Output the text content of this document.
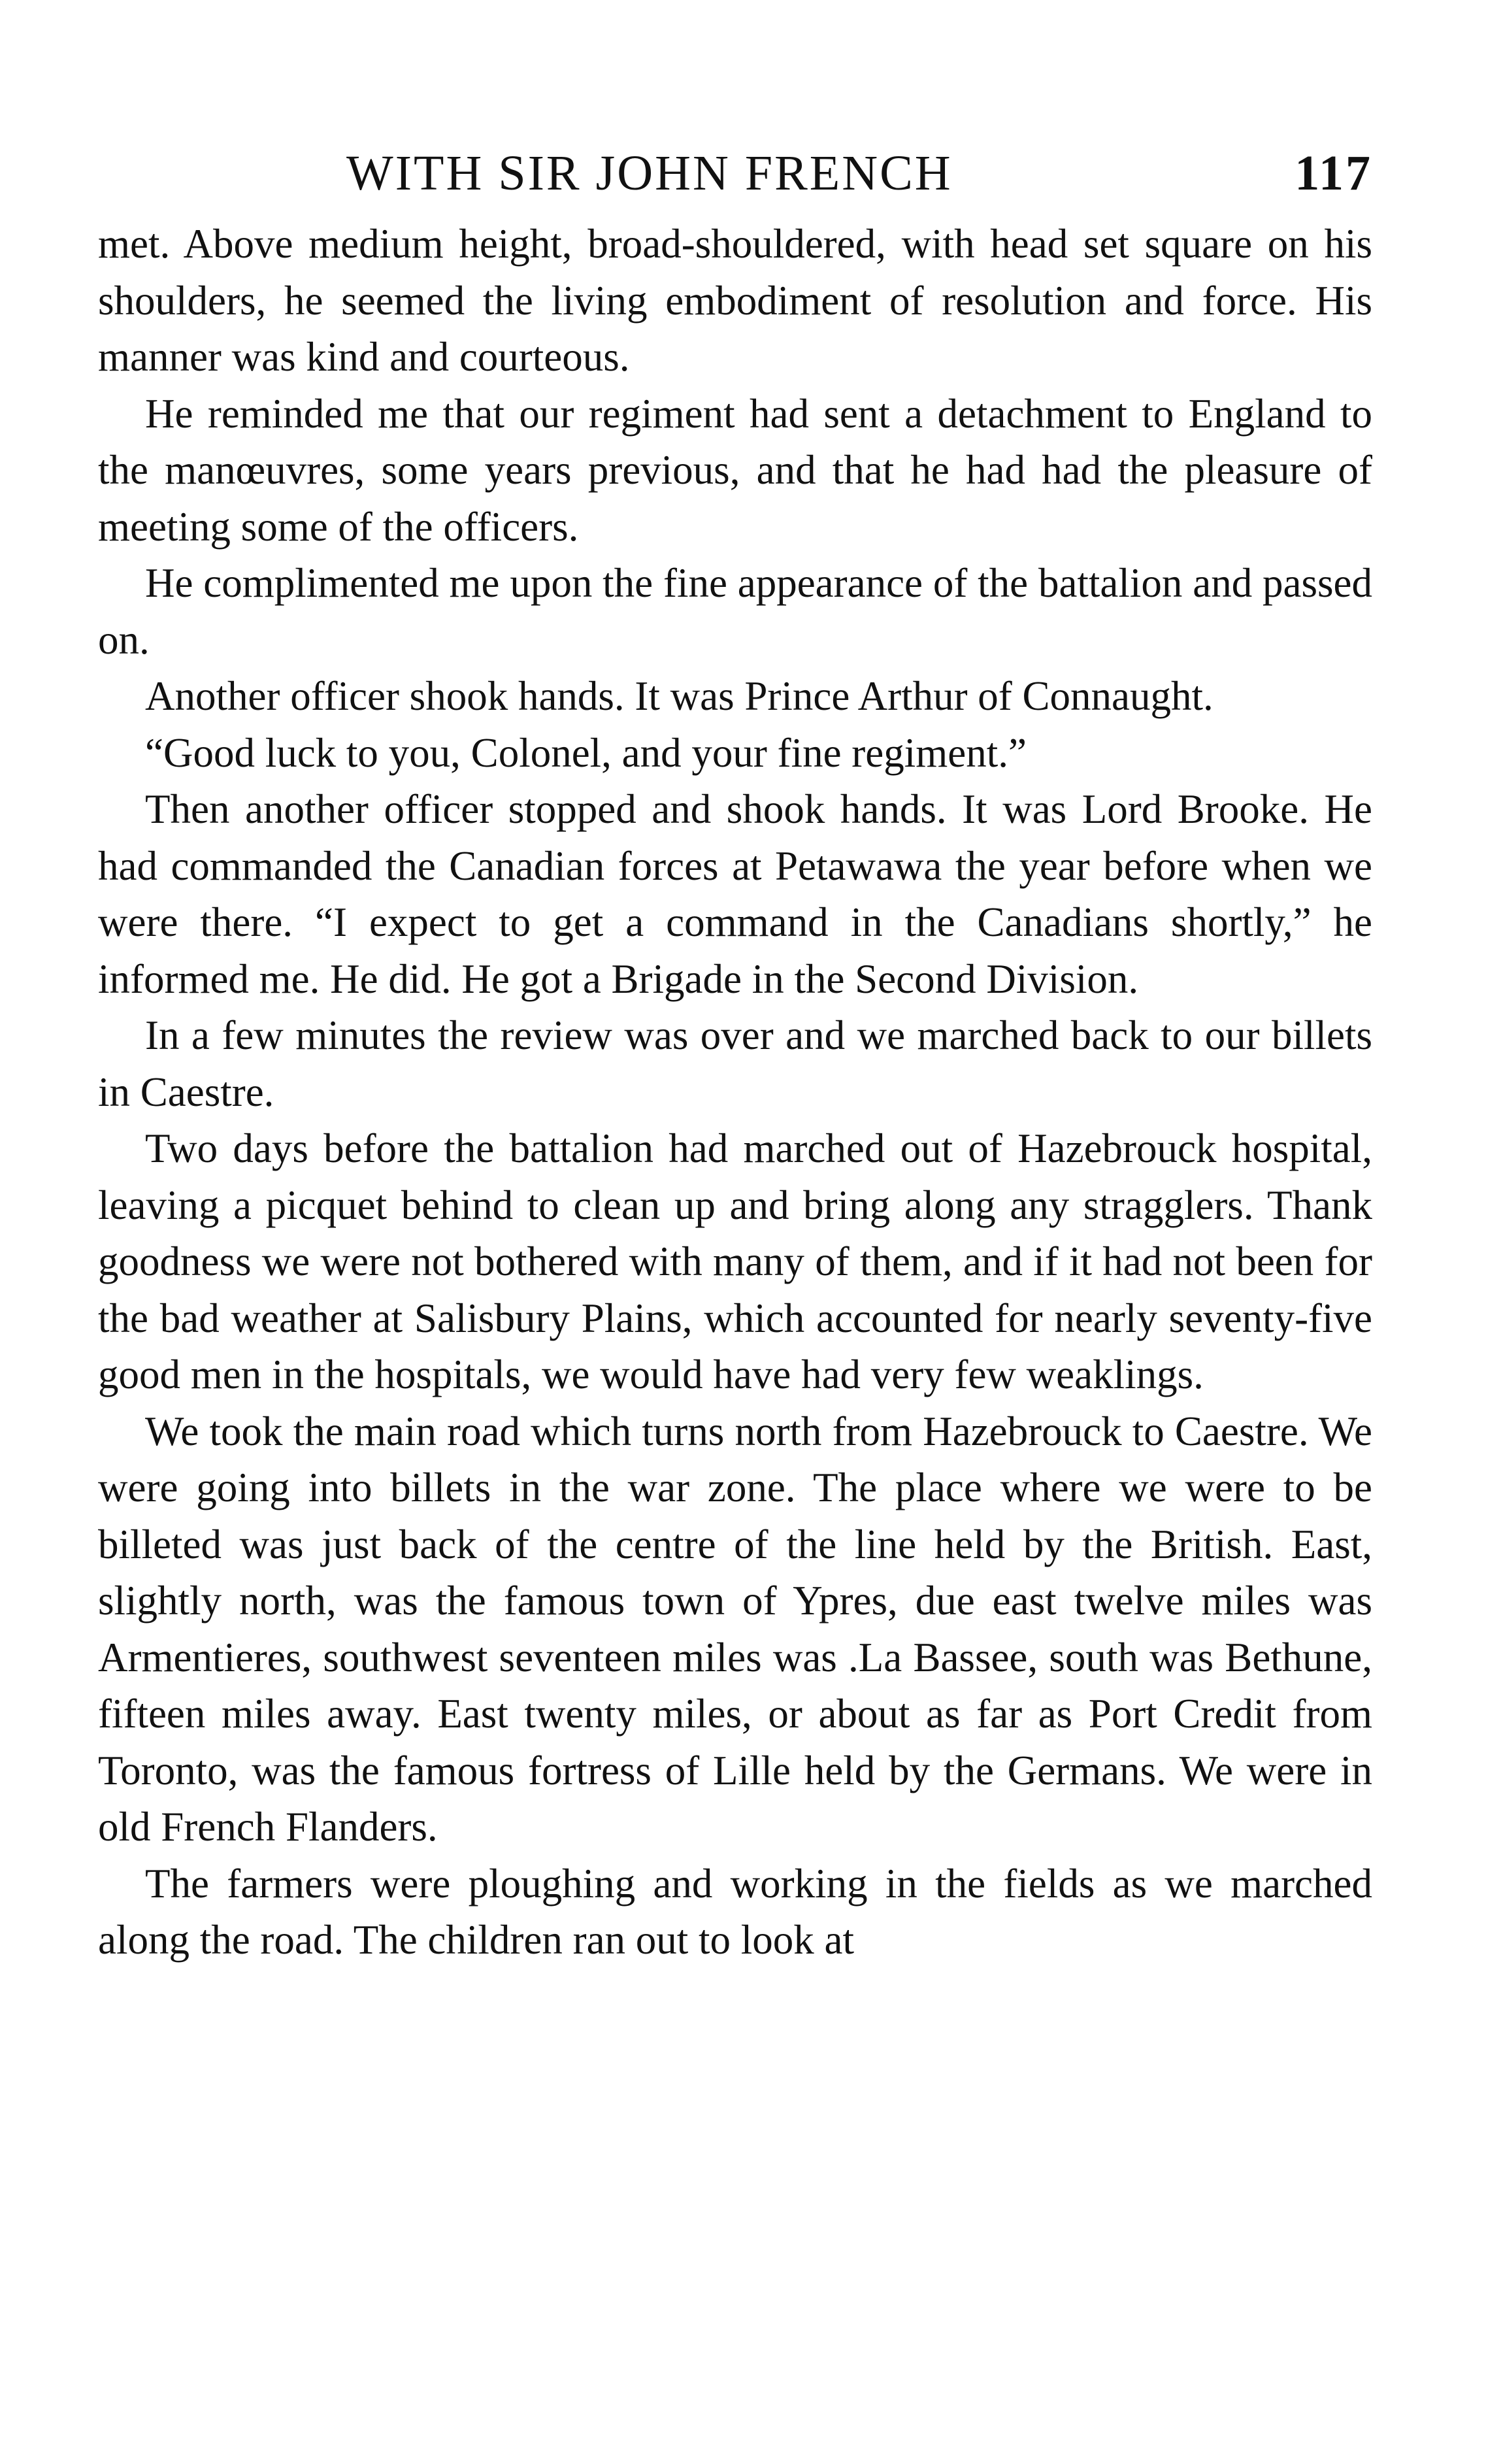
WITH SIR JOHN FRENCH	117

met. Above medium height, broad-shouldered, with head set square on his shoulders, he seemed the living embodiment of resolution and force. His manner was kind and courteous.

He reminded me that our regiment had sent a detachment to England to the manœuvres, some years previous, and that he had had the pleasure of meeting some of the officers.

He complimented me upon the fine appearance of the battalion and passed on.

Another officer shook hands. It was Prince Arthur of Connaught.

“Good luck to you, Colonel, and your fine regiment.”

Then another officer stopped and shook hands. It was Lord Brooke. He had commanded the Canadian forces at Petawawa the year before when we were there. “I expect to get a command in the Canadians shortly,” he informed me. He did. He got a Brigade in the Second Division.

In a few minutes the review was over and we marched back to our billets in Caestre.

Two days before the battalion had marched out of Hazebrouck hospital, leaving a picquet behind to clean up and bring along any stragglers. Thank goodness we were not bothered with many of them, and if it had not been for the bad weather at Salisbury Plains, which accounted for nearly seventy-five good men in the hospitals, we would have had very few weaklings.

We took the main road which turns north from Hazebrouck to Caestre. We were going into billets in the war zone. The place where we were to be billeted was just back of the centre of the line held by the British. East, slightly north, was the famous town of Ypres, due east twelve miles was Armentieres, southwest seventeen miles was .La Bassee, south was Bethune, fifteen miles away. East twenty miles, or about as far as Port Credit from Toronto, was the famous fortress of Lille held by the Germans. We were in old French Flanders.

The farmers were ploughing and working in the fields as we marched along the road. The children ran out to look at
